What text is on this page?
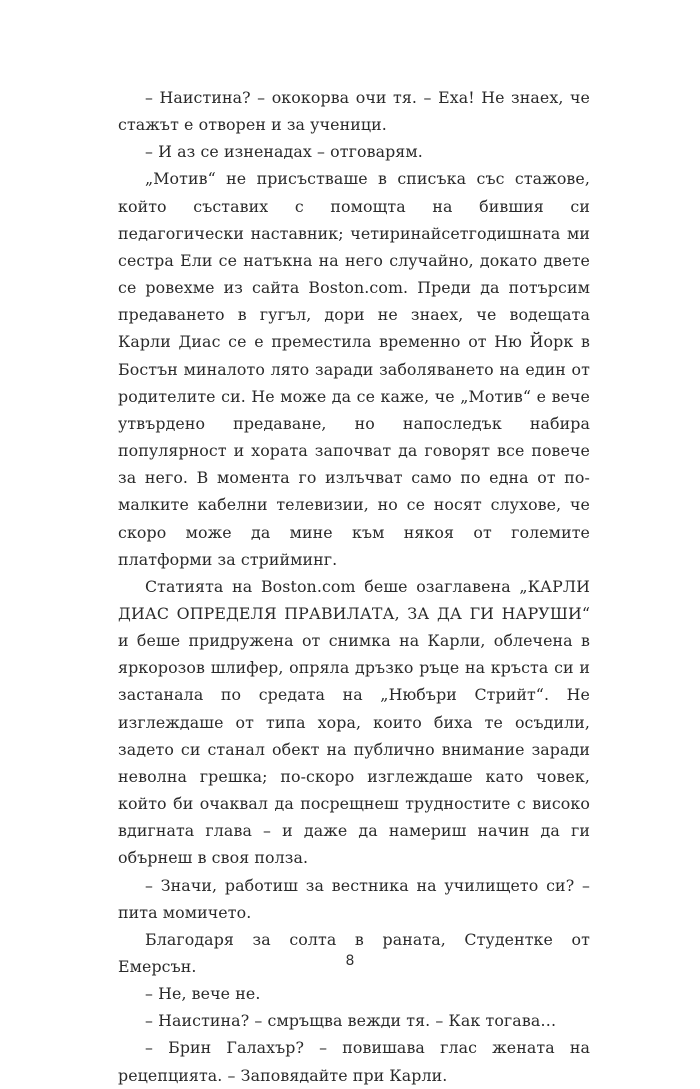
– Наистина? – ококорва очи тя. – Еха! Не знаех, че стажът е отворен и за ученици.

– И аз се изненадах – отговарям.

„Мотив“ не присъстваше в списъка със стажове, който съставих с помощта на бившия си педагогически наставник; четиринайсетгодишната ми сестра Ели се натъкна на него случайно, докато двете се ровехме из сайта Boston.com. Преди да потърсим предаването в гугъл, дори не знаех, че водещата Карли Диас се е преместила временно от Ню Йорк в Бостън миналото лято заради заболяването на един от родителите си. Не може да се каже, че „Мотив“ е вече утвърдено предаване, но напоследък набира популярност и хората започват да говорят все повече за него. В момента го излъчват само по една от по-малките кабелни телевизии, но се носят слухове, че скоро може да мине към някоя от големите платформи за стрийминг.

Статията на Boston.com беше озаглавена „КАРЛИ ДИАС ОПРЕДЕЛЯ ПРАВИЛАТА, ЗА ДА ГИ НАРУШИ“ и беше придружена от снимка на Карли, облечена в яркорозов шлифер, опряла дръзко ръце на кръста си и застанала по средата на „Нюбъри Стрийт“. Не изглеждаше от типа хора, които биха те осъдили, задето си станал обект на публично внимание заради неволна грешка; по-скоро изглеждаше като човек, който би очаквал да посрещнеш трудностите с високо вдигната глава – и даже да намериш начин да ги обърнеш в своя полза.

– Значи, работиш за вестника на училището си? – пита момичето.

Благодаря за солта в раната, Студентке от Емерсън.

– Не, вече не.

– Наистина? – смръщва вежди тя. – Как тогава…

– Брин Галахър? – повишава глас жената на рецепцията. – Заповядайте при Карли.

8
